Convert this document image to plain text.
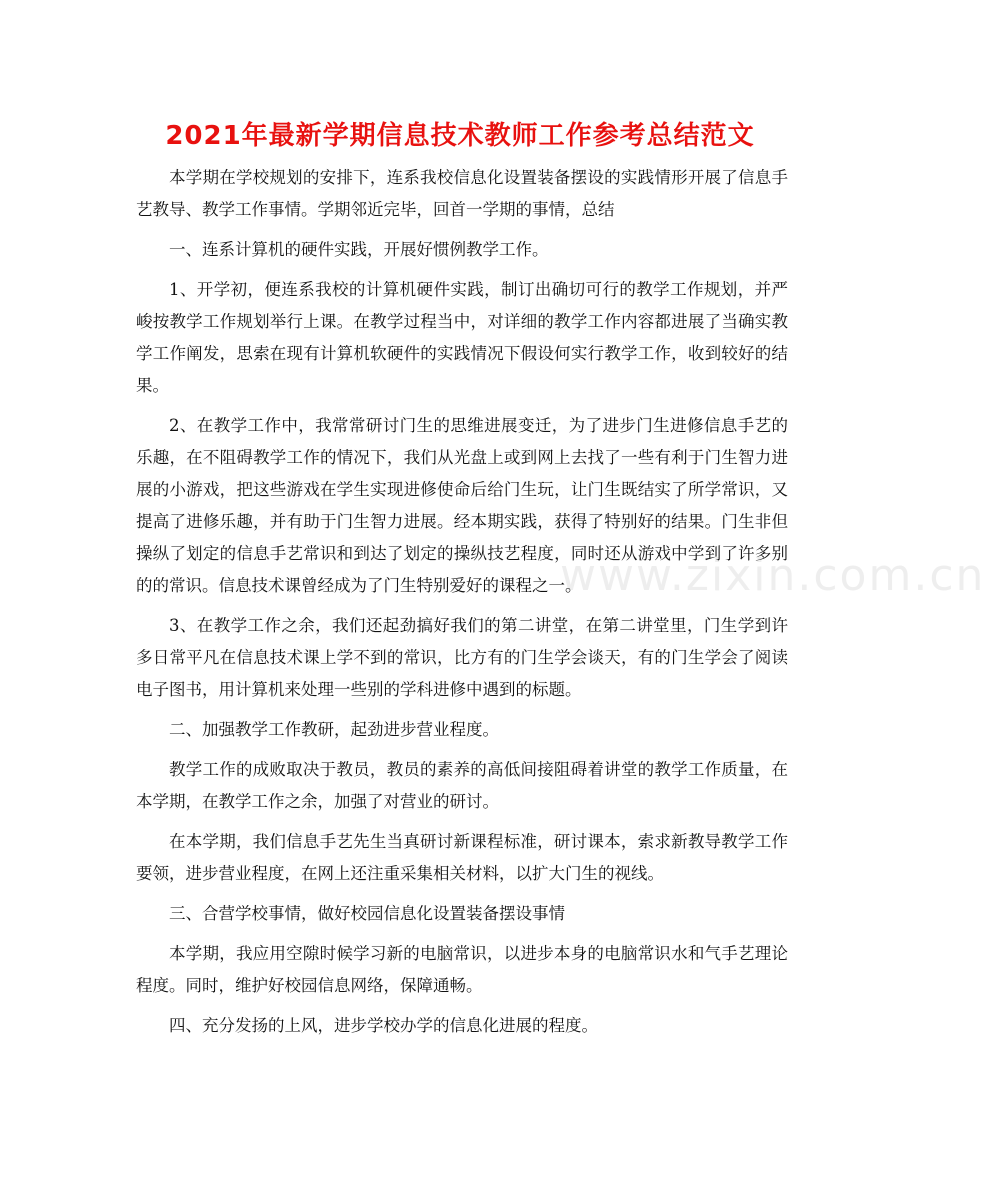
2021年最新学期信息技术教师工作参考总结范文
www.zixin.com.cn

本学期在学校规划的安排下，连系我校信息化设置装备摆设的实践情形开展了信息手艺教导、教学工作事情。学期邻近完毕，回首一学期的事情，总结

一、连系计算机的硬件实践，开展好惯例教学工作。

1、开学初，便连系我校的计算机硬件实践，制订出确切可行的教学工作规划，并严峻按教学工作规划举行上课。在教学过程当中，对详细的教学工作内容都进展了当确实教学工作阐发，思索在现有计算机软硬件的实践情况下假设何实行教学工作，收到较好的结果。

2、在教学工作中，我常常研讨门生的思维进展变迁，为了进步门生进修信息手艺的乐趣，在不阻碍教学工作的情况下，我们从光盘上或到网上去找了一些有利于门生智力进展的小游戏，把这些游戏在学生实现进修使命后给门生玩，让门生既结实了所学常识，又提高了进修乐趣，并有助于门生智力进展。经本期实践，获得了特别好的结果。门生非但操纵了划定的信息手艺常识和到达了划定的操纵技艺程度，同时还从游戏中学到了许多别的的常识。信息技术课曾经成为了门生特别爱好的课程之一。

3、在教学工作之余，我们还起劲搞好我们的第二讲堂，在第二讲堂里，门生学到许多日常平凡在信息技术课上学不到的常识，比方有的门生学会谈天，有的门生学会了阅读电子图书，用计算机来处理一些别的学科进修中遇到的标题。

二、加强教学工作教研，起劲进步营业程度。

教学工作的成败取决于教员，教员的素养的高低间接阻碍着讲堂的教学工作质量，在本学期，在教学工作之余，加强了对营业的研讨。

在本学期，我们信息手艺先生当真研讨新课程标准，研讨课本，索求新教导教学工作要领，进步营业程度，在网上还注重采集相关材料，以扩大门生的视线。

三、合营学校事情，做好校园信息化设置装备摆设事情

本学期，我应用空隙时候学习新的电脑常识，以进步本身的电脑常识水和气手艺理论程度。同时，维护好校园信息网络，保障通畅。

四、充分发扬的上风，进步学校办学的信息化进展的程度。
